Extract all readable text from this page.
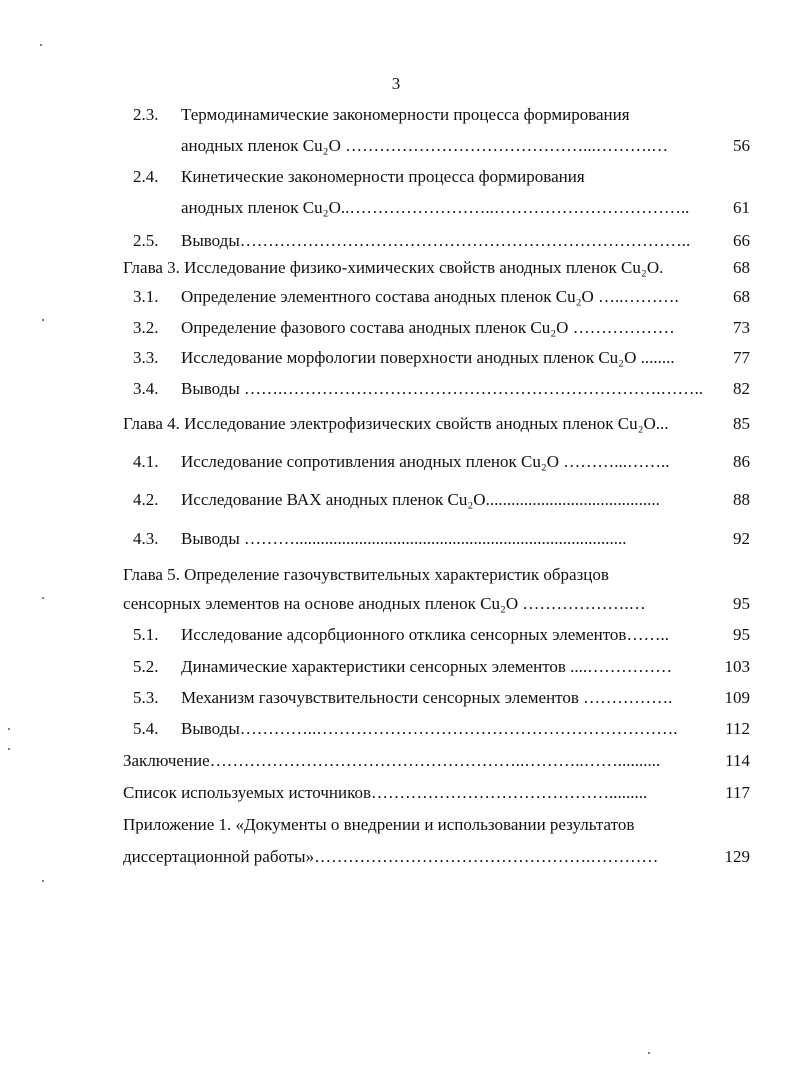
3
2.3. Термодинамические закономерности процесса формирования
анодных пленок Cu₂O ……………………………………...……….…	56
2.4. Кинетические закономерности процесса формирования
анодных пленок Cu₂O..……………………..……………………………..	61
2.5. Выводы……………………………………………………………………..	66
Глава 3. Исследование физико-химических свойств анодных пленок Cu₂O.	68
3.1. Определение элементного состава анодных пленок Cu₂O …..……….	68
3.2. Определение фазового состава анодных пленок Cu₂O ………………	73
3.3. Исследование морфологии поверхности анодных пленок Cu₂O ........	77
3.4. Выводы …….………………………………………………………….……..	82
Глава 4. Исследование электрофизических свойств анодных пленок Cu₂O...	85
4.1. Исследование сопротивления анодных пленок Cu₂O ………...……..	86
4.2. Исследование ВАХ анодных пленок Cu₂O.........................................	88
4.3. Выводы ………..............................................................................	92
Глава 5. Определение газочувствительных характеристик образцов
сенсорных элементов на основе анодных пленок Cu₂O ……………….…	95
5.1. Исследование адсорбционного отклика сенсорных элементов……..	95
5.2. Динамические характеристики сенсорных элементов ....……………	103
5.3. Механизм газочувствительности сенсорных элементов …………….	109
5.4. Выводы…………..……………………………………………………….	112
Заключение………………………………………………..………..……..........	114
Список используемых источников…………………………………….........	117
Приложение 1. «Документы о внедрении и использовании результатов
диссертационной работы»………………………………………….…………	129
